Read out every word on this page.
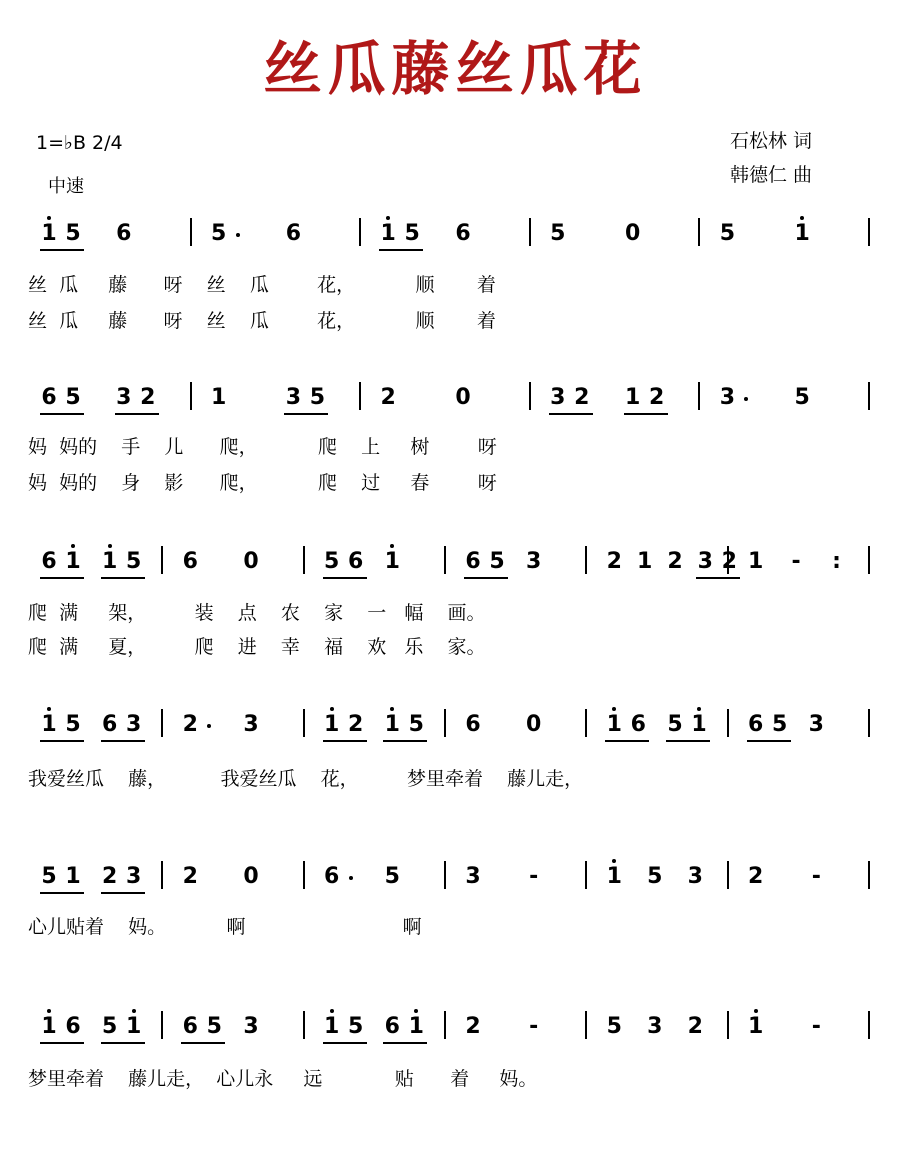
丝瓜藤丝瓜花
1=♭B 2/4
中速
石松林 词
韩德仁 曲
1 5 6	5	6	1 5 6	5	0	5	1
丝  瓜     藤      呀    丝    瓜        花，          顺       着
丝  瓜     藤      呀    丝    瓜        花，          顺       着
6 5 3 2	1	3 5	2	0	3 2 1 2	3	5
妈  妈的    手    儿      爬，          爬    上     树        呀
妈  妈的    身    影      爬，          爬    过     春        呀
6 1 1 5 6 0	5 6 1	6 5 3	2 1 2 3 2 1 - :
爬  满     架，        装    点    农    家    一   幅    画。
爬  满     夏，        爬    进    幸    福    欢   乐    家。
1 5 6 3 2 3	1 2 1 5 6 0	1 6 5 1 6 5 3
我爱丝瓜    藤，         我爱丝瓜    花，        梦里牵着    藤儿走，
5 1 2 3 2 0	6 5	3 -	1 5 3 2 -
心儿贴着    妈。          啊                          啊
1 6 5 1 6 5 3	1 5 6 1 2 -	5 3 2 1 -
梦里牵着    藤儿走，  心儿永     远            贴      着     妈。
